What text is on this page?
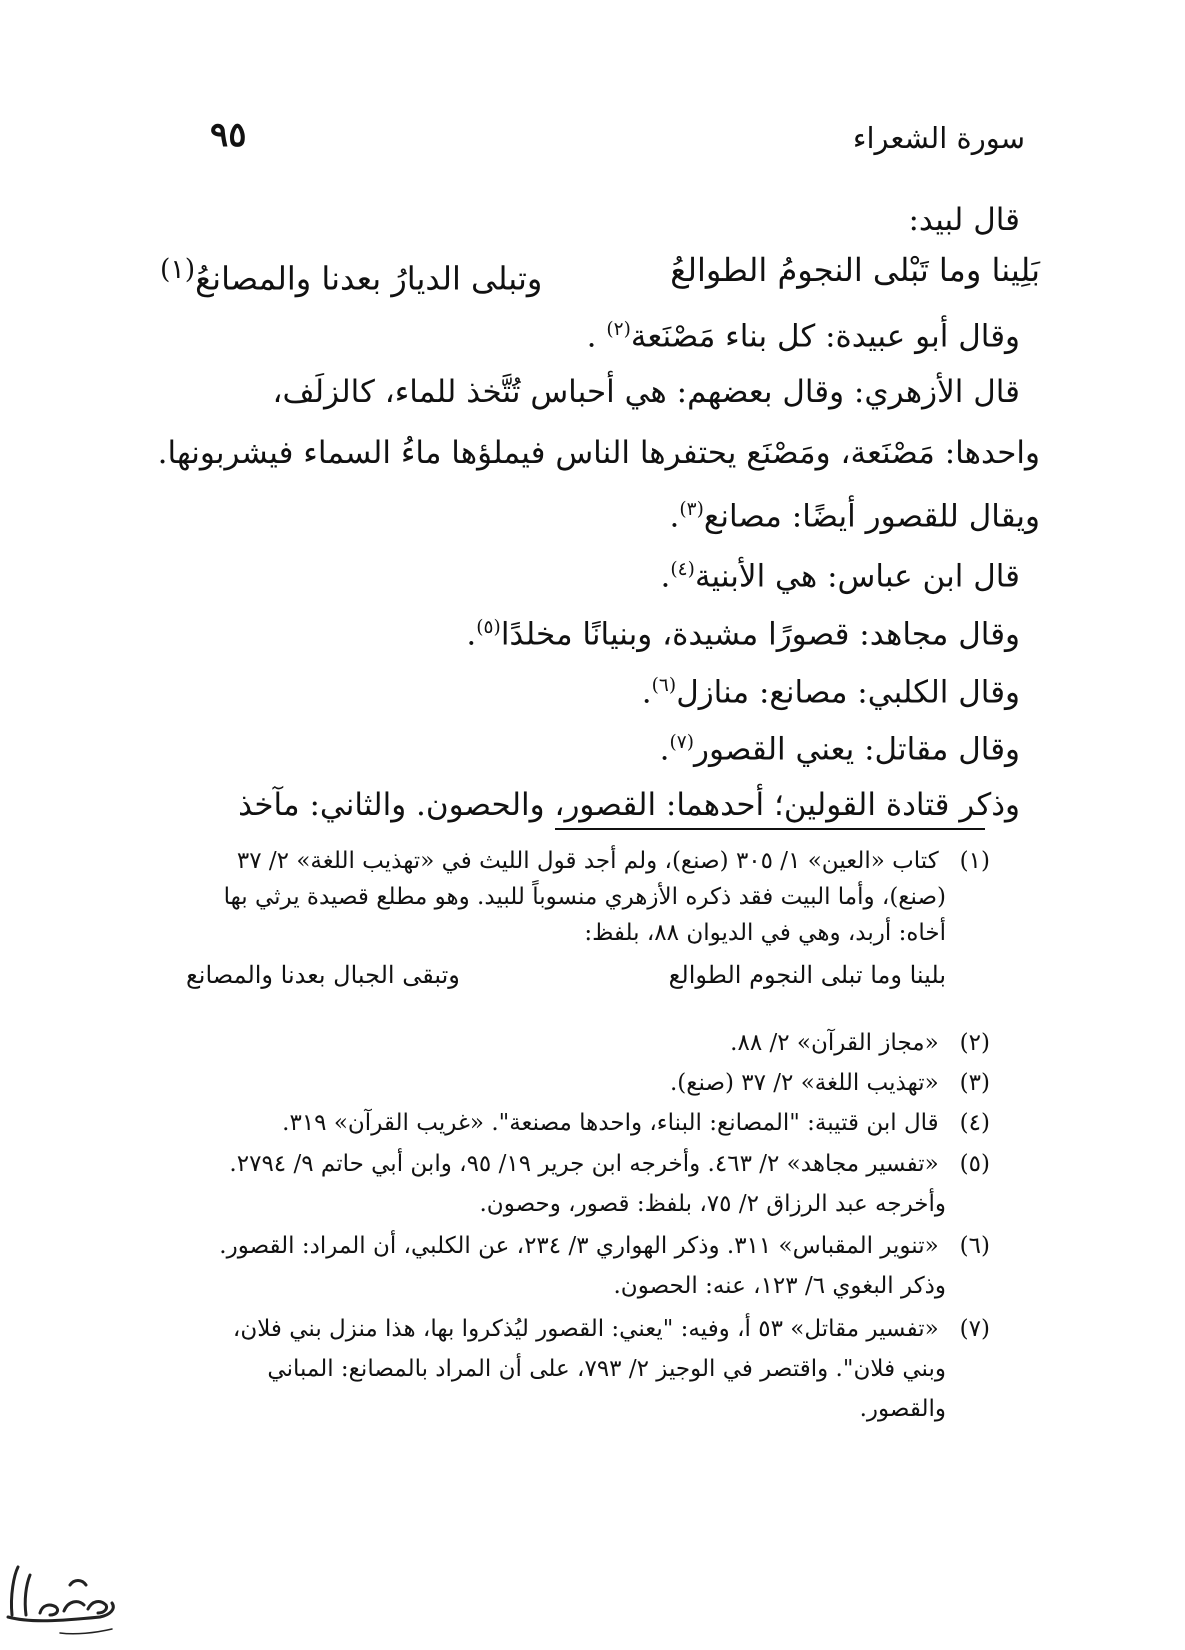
سورة الشعراء
٩٥
قال لبيد:
بَلِينا وما تَبْلى النجومُ الطوالعُ
وتبلى الديارُ بعدنا والمصانعُ$^{(١)}$
وقال أبو عبيدة: كل بناء مَصْنَعة$^{(٢)}$ .
قال الأزهري: وقال بعضهم: هي أحباس تُتَّخذ للماء، كالزلَف،
واحدها: مَصْنَعة، ومَصْنَع يحتفرها الناس فيملؤها ماءُ السماء فيشربونها.
ويقال للقصور أيضًا: مصانع$^{(٣)}$.
قال ابن عباس: هي الأبنية$^{(٤)}$.
وقال مجاهد: قصورًا مشيدة، وبنيانًا مخلدًا$^{(٥)}$.
وقال الكلبي: مصانع: منازل$^{(٦)}$.
وقال مقاتل: يعني القصور$^{(٧)}$.
وذكر قتادة القولين؛ أحدهما: القصور، والحصون. والثاني: مآخذ
(١) كتاب «العين» ١/ ٣٠٥ (صنع)، ولم أجد قول الليث في «تهذيب اللغة» ٢/ ٣٧
(صنع)، وأما البيت فقد ذكره الأزهري منسوباً للبيد. وهو مطلع قصيدة يرثي بها
أخاه: أربد، وهي في الديوان ٨٨، بلفظ:
بلينا وما تبلى النجوم الطوالع
وتبقى الجبال بعدنا والمصانع
(٢) «مجاز القرآن» ٢/ ٨٨.
(٣) «تهذيب اللغة» ٢/ ٣٧ (صنع).
(٤) قال ابن قتيبة: "المصانع: البناء، واحدها مصنعة". «غريب القرآن» ٣١٩.
(٥) «تفسير مجاهد» ٢/ ٤٦٣. وأخرجه ابن جرير ١٩/ ٩٥، وابن أبي حاتم ٩/ ٢٧٩٤.
وأخرجه عبد الرزاق ٢/ ٧٥، بلفظ: قصور، وحصون.
(٦) «تنوير المقباس» ٣١١. وذكر الهواري ٣/ ٢٣٤، عن الكلبي، أن المراد: القصور.
وذكر البغوي ٦/ ١٢٣، عنه: الحصون.
(٧) «تفسير مقاتل» ٥٣ أ، وفيه: "يعني: القصور ليُذكروا بها، هذا منزل بني فلان،
وبني فلان". واقتصر في الوجيز ٢/ ٧٩٣، على أن المراد بالمصانع: المباني
والقصور.
